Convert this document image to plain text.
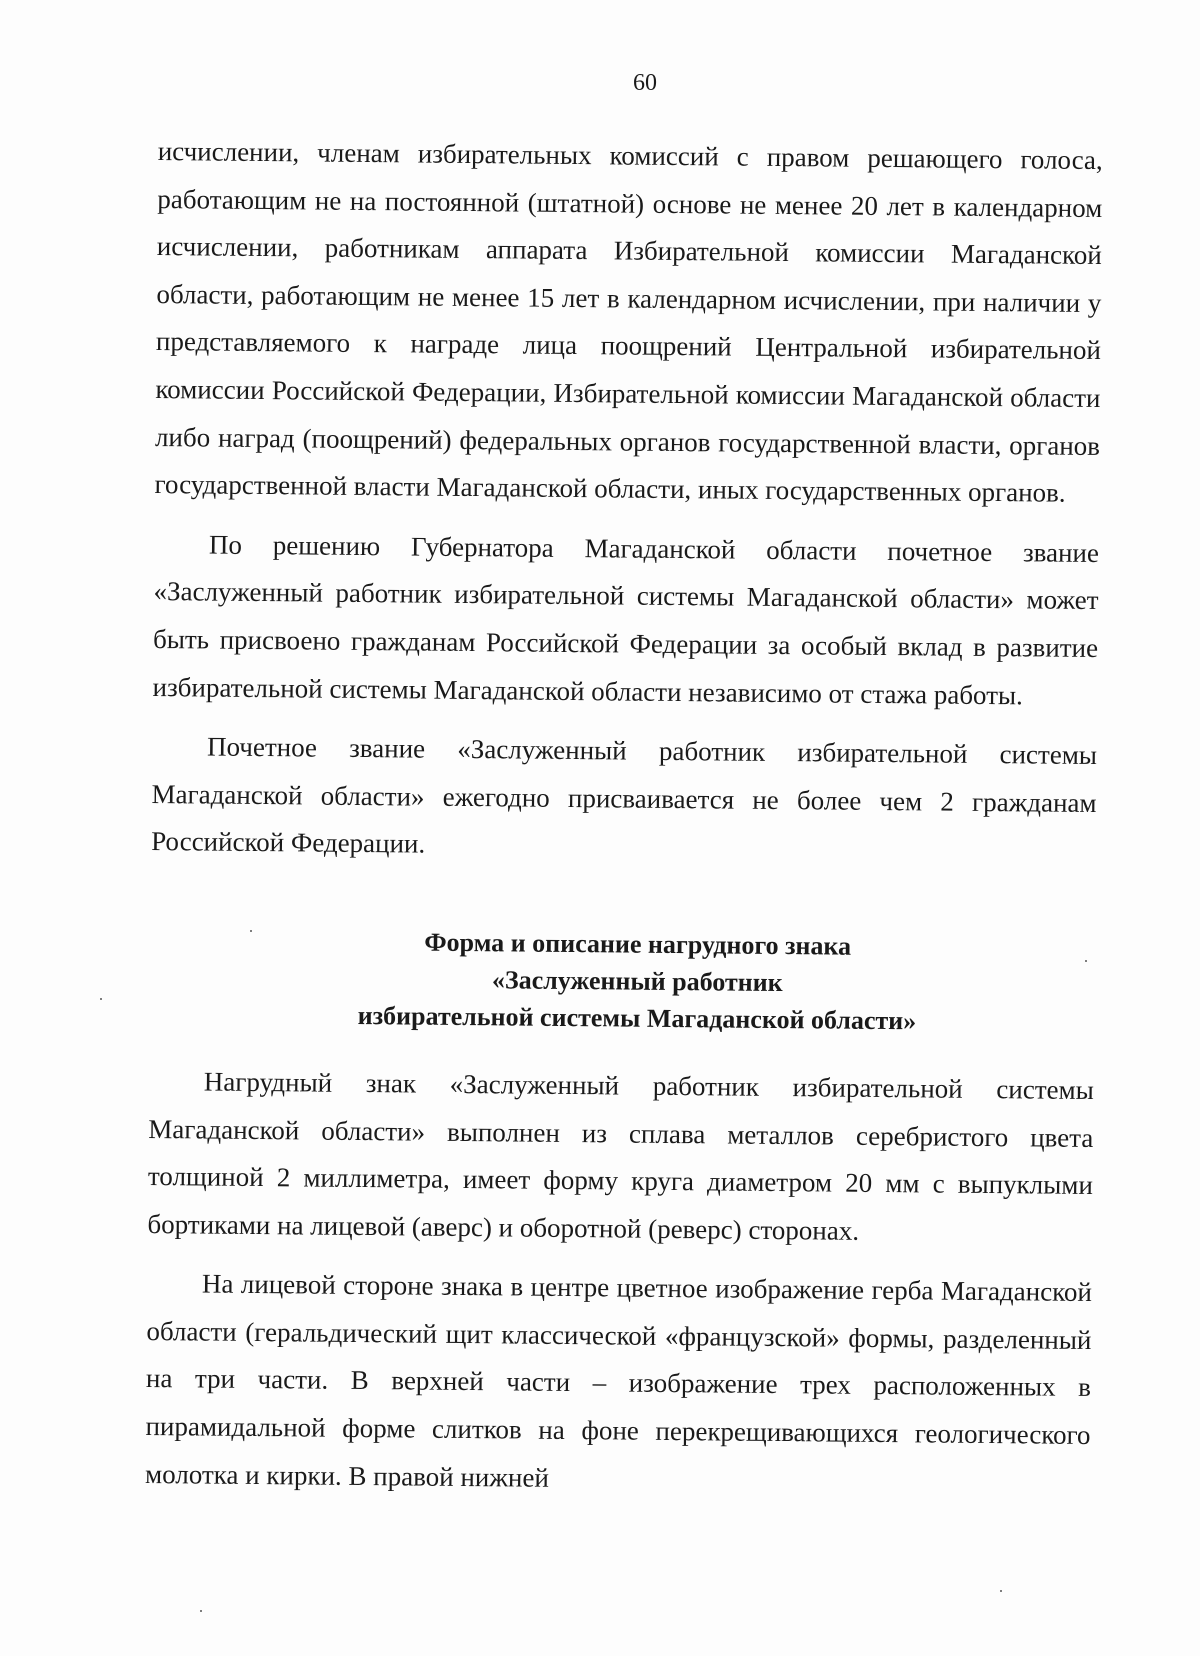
60

исчислении, членам избирательных комиссий с правом решающего голоса, работающим не на постоянной (штатной) основе не менее 20 лет в календарном исчислении, работникам аппарата Избирательной комиссии Магаданской области, работающим не менее 15 лет в календарном исчислении, при наличии у представляемого к награде лица поощрений Центральной избирательной комиссии Российской Федерации, Избирательной комиссии Магаданской области либо наград (поощрений) федеральных органов государственной власти, органов государственной власти Магаданской области, иных государственных органов.

По решению Губернатора Магаданской области почетное звание «Заслуженный работник избирательной системы Магаданской области» может быть присвоено гражданам Российской Федерации за особый вклад в развитие избирательной системы Магаданской области независимо от стажа работы.

Почетное звание «Заслуженный работник избирательной системы Магаданской области» ежегодно присваивается не более чем 2 гражданам Российской Федерации.

Форма и описание нагрудного знака

«Заслуженный работник

избирательной системы Магаданской области»

Нагрудный знак «Заслуженный работник избирательной системы Магаданской области» выполнен из сплава металлов серебристого цвета толщиной 2 миллиметра, имеет форму круга диаметром 20 мм с выпуклыми бортиками на лицевой (аверс) и оборотной (реверс) сторонах.

На лицевой стороне знака в центре цветное изображение герба Магаданской области (геральдический щит классической «французской» формы, разделенный на три части. В верхней части – изображение трех расположенных в пирамидальной форме слитков на фоне перекрещивающихся геологического молотка и кирки. В правой нижней
